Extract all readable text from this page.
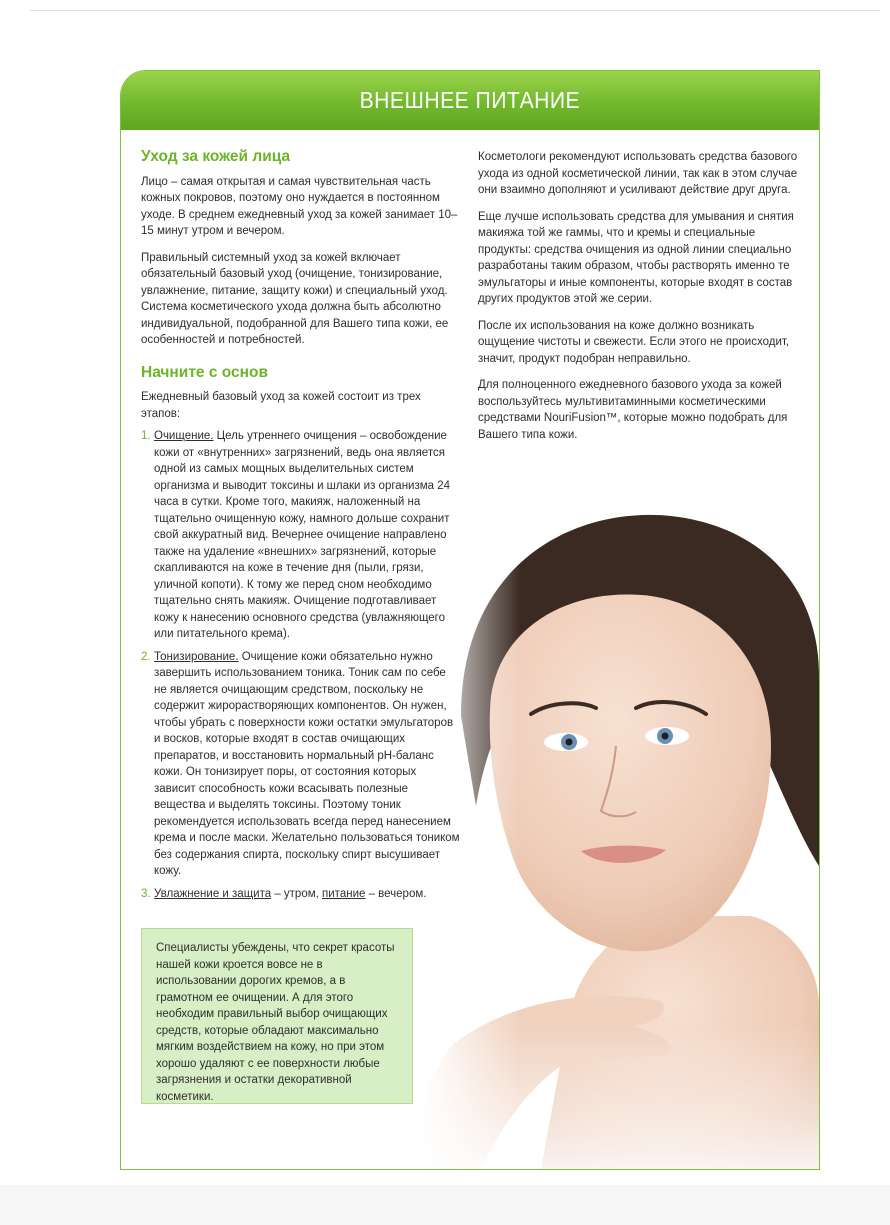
ВНЕШНЕЕ ПИТАНИЕ
Уход за кожей лица

Лицо – самая открытая и самая чувствительная часть кожных покровов, поэтому оно нуждается в постоянном уходе. В среднем ежедневный уход за кожей занимает 10–15 минут утром и вечером.

Правильный системный уход за кожей включает обязательный базовый уход (очищение, тонизирование, увлажнение, питание, защиту кожи) и специальный уход. Система косметического ухода должна быть абсолютно индивидуальной, подобранной для Вашего типа кожи, ее особенностей и потребностей.

Начните с основ

Ежедневный базовый уход за кожей состоит из трех этапов:

1. Очищение. Цель утреннего очищения – освобождение кожи от «внутренних» загрязнений, ведь она является одной из самых мощных выделительных систем организма и выводит токсины и шлаки из организма 24 часа в сутки. Кроме того, макияж, наложенный на тщательно очищенную кожу, намного дольше сохранит свой аккуратный вид. Вечернее очищение направлено также на удаление «внешних» загрязнений, которые скапливаются на коже в течение дня (пыли, грязи, уличной копоти). К тому же перед сном необходимо тщательно снять макияж. Очищение подготавливает кожу к нанесению основного средства (увлажняющего или питательного крема).
2. Тонизирование. Очищение кожи обязательно нужно завершить использованием тоника. Тоник сам по себе не является очищающим средством, поскольку не содержит жирорастворяющих компонентов. Он нужен, чтобы убрать с поверхности кожи остатки эмульгаторов и восков, которые входят в состав очищающих препаратов, и восстановить нормальный pH-баланс кожи. Он тонизирует поры, от состояния которых зависит способность кожи всасывать полезные вещества и выделять токсины. Поэтому тоник рекомендуется использовать всегда перед нанесением крема и после маски. Желательно пользоваться тоником без содержания спирта, поскольку спирт высушивает кожу.
3. Увлажнение и защита – утром, питание – вечером.

Косметологи рекомендуют использовать средства базового ухода из одной косметической линии, так как в этом случае они взаимно дополняют и усиливают действие друг друга.

Еще лучше использовать средства для умывания и снятия макияжа той же гаммы, что и кремы и специальные продукты: средства очищения из одной линии специально разработаны таким образом, чтобы растворять именно те эмульгаторы и иные компоненты, которые входят в состав других продуктов этой же серии.

После их использования на коже должно возникать ощущение чистоты и свежести. Если этого не происходит, значит, продукт подобран неправильно.

Для полноценного ежедневного базового ухода за кожей воспользуйтесь мультивитаминными косметическими средствами NouriFusion™, которые можно подобрать для Вашего типа кожи.

Специалисты убеждены, что секрет красоты нашей кожи кроется вовсе не в использовании дорогих кремов, а в грамотном ее очищении. А для этого необходим правильный выбор очищающих средств, которые обладают максимально мягким воздействием на кожу, но при этом хорошо удаляют с ее поверхности любые загрязнения и остатки декоративной косметики.
